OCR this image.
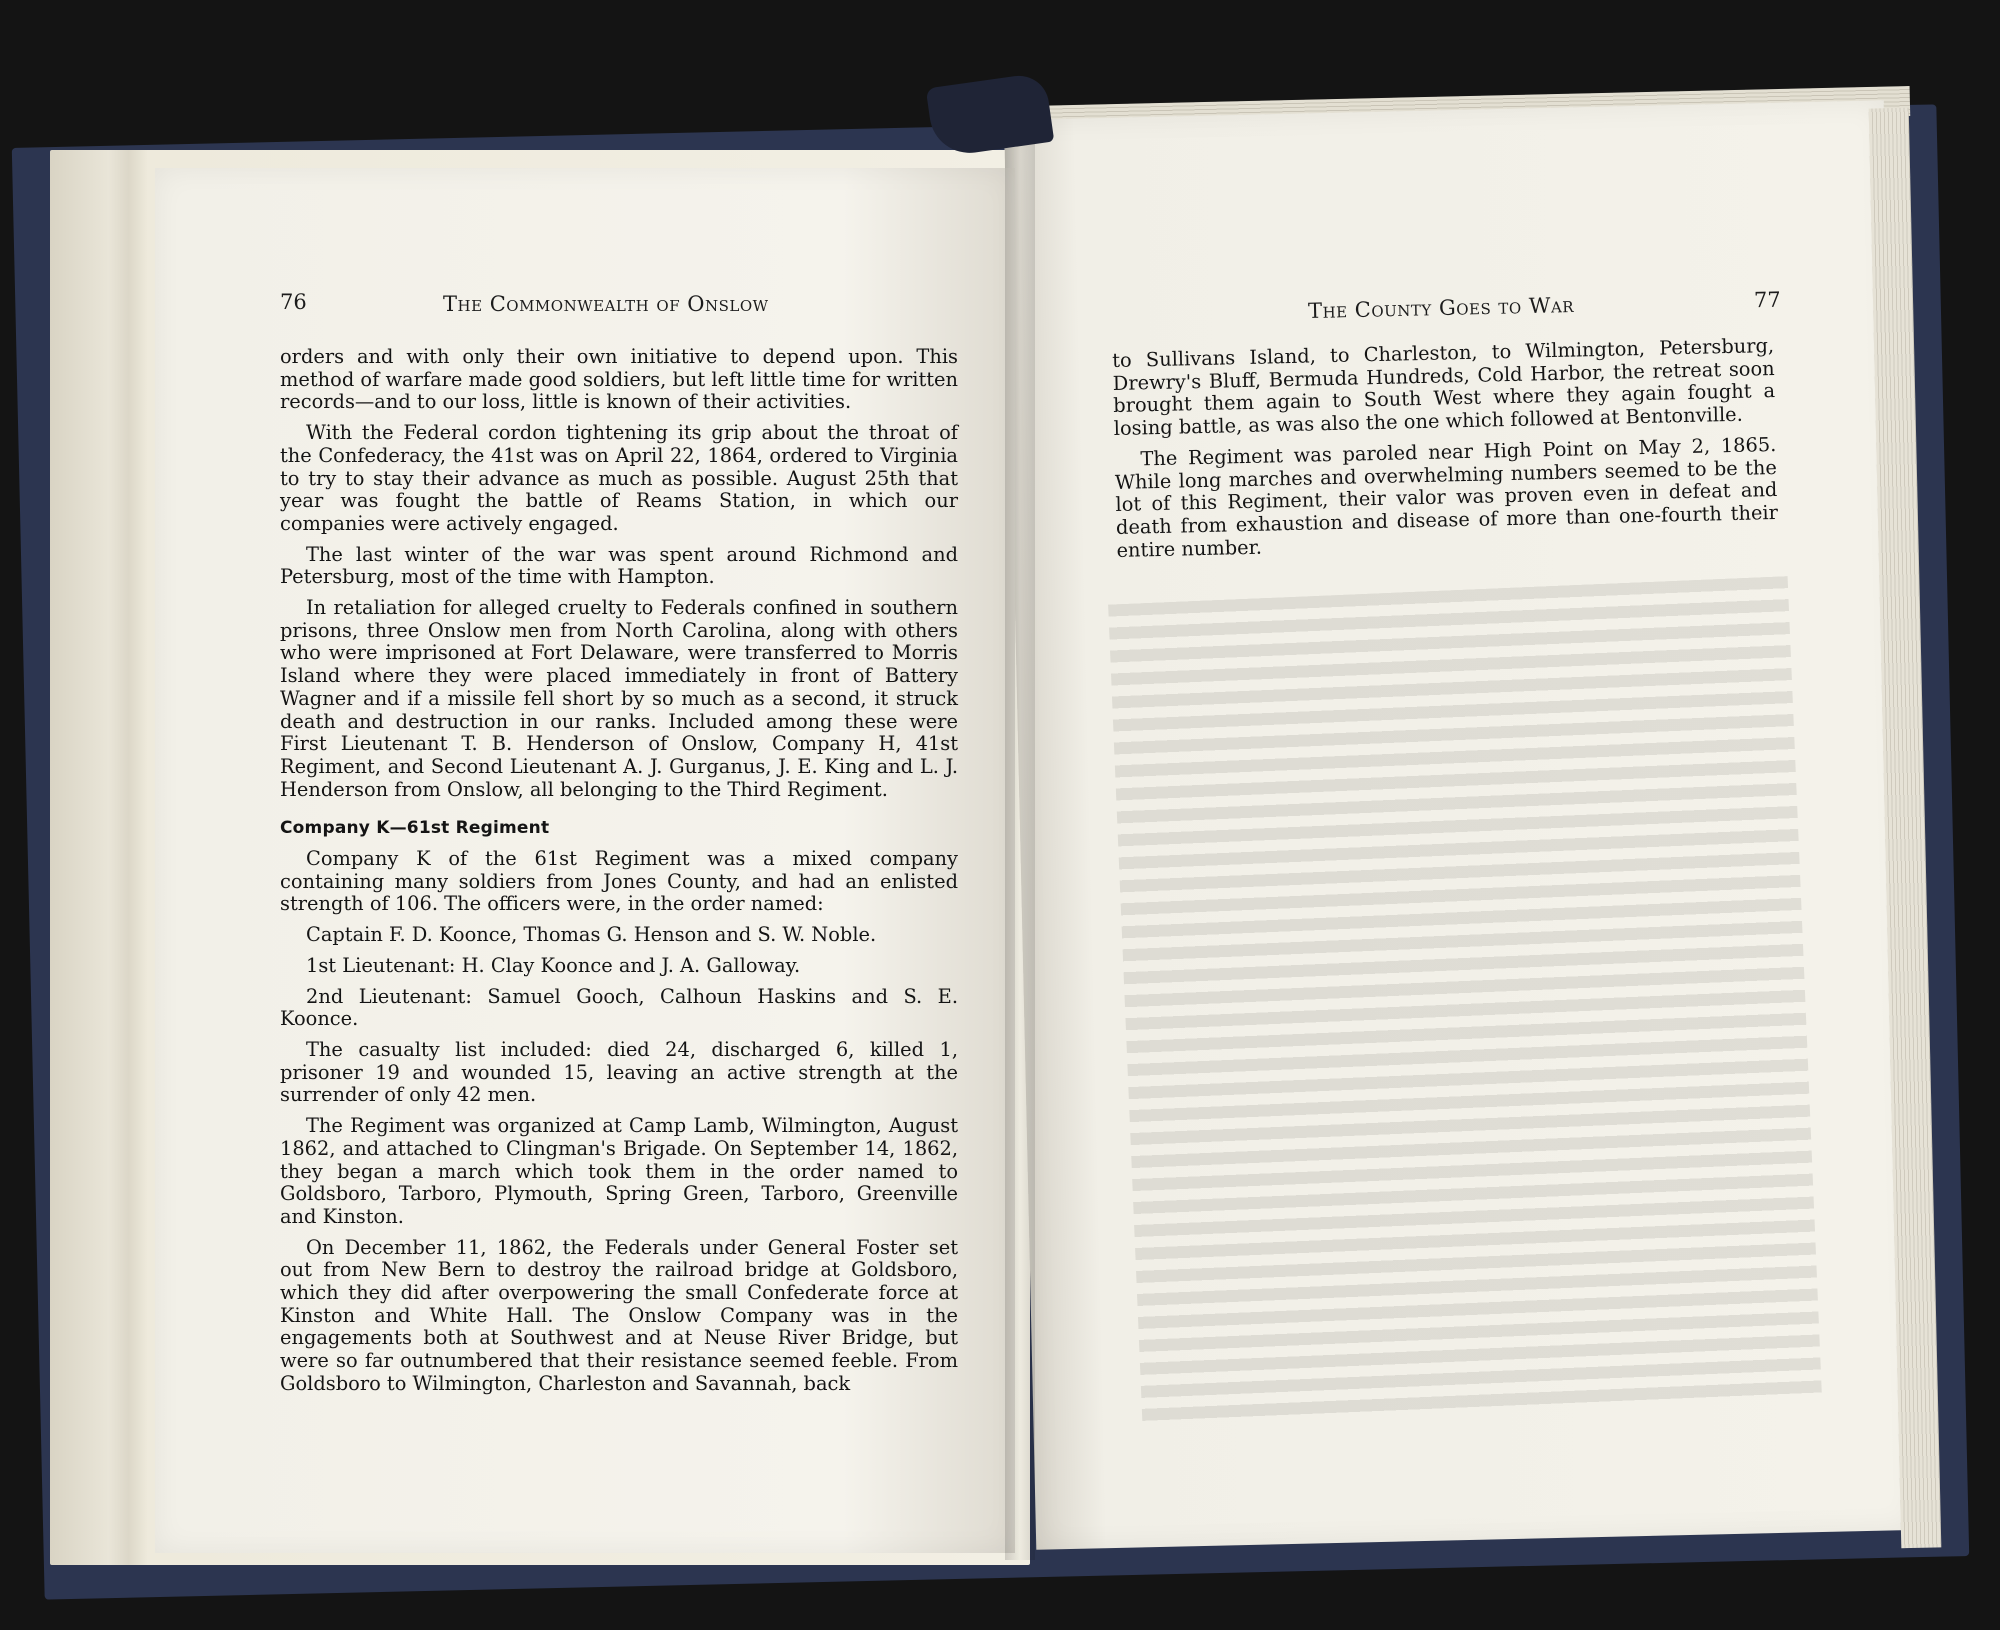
76	The Commonwealth of Onslow

orders and with only their own initiative to depend upon. This method of warfare made good soldiers, but left little time for written records—and to our loss, little is known of their activities.

With the Federal cordon tightening its grip about the throat of the Confederacy, the 41st was on April 22, 1864, ordered to Virginia to try to stay their advance as much as possible. August 25th that year was fought the battle of Reams Station, in which our companies were actively engaged.

The last winter of the war was spent around Richmond and Petersburg, most of the time with Hampton.

In retaliation for alleged cruelty to Federals confined in southern prisons, three Onslow men from North Carolina, along with others who were imprisoned at Fort Delaware, were transferred to Morris Island where they were placed immediately in front of Battery Wagner and if a missile fell short by so much as a second, it struck death and destruction in our ranks. Included among these were First Lieutenant T. B. Henderson of Onslow, Company H, 41st Regiment, and Second Lieutenant A. J. Gurganus, J. E. King and L. J. Henderson from Onslow, all belonging to the Third Regiment.

Company K—61st Regiment

Company K of the 61st Regiment was a mixed company containing many soldiers from Jones County, and had an enlisted strength of 106. The officers were, in the order named:

Captain F. D. Koonce, Thomas G. Henson and S. W. Noble.

1st Lieutenant: H. Clay Koonce and J. A. Galloway.

2nd Lieutenant: Samuel Gooch, Calhoun Haskins and S. E. Koonce.

The casualty list included: died 24, discharged 6, killed 1, prisoner 19 and wounded 15, leaving an active strength at the surrender of only 42 men.

The Regiment was organized at Camp Lamb, Wilmington, August 1862, and attached to Clingman's Brigade. On September 14, 1862, they began a march which took them in the order named to Goldsboro, Tarboro, Plymouth, Spring Green, Tarboro, Greenville and Kinston.

On December 11, 1862, the Federals under General Foster set out from New Bern to destroy the railroad bridge at Goldsboro, which they did after overpowering the small Confederate force at Kinston and White Hall. The Onslow Company was in the engagements both at Southwest and at Neuse River Bridge, but were so far outnumbered that their resistance seemed feeble. From Goldsboro to Wilmington, Charleston and Savannah, back

The County Goes to War	77

to Sullivans Island, to Charleston, to Wilmington, Petersburg, Drewry's Bluff, Bermuda Hundreds, Cold Harbor, the retreat soon brought them again to South West where they again fought a losing battle, as was also the one which followed at Bentonville.

The Regiment was paroled near High Point on May 2, 1865. While long marches and overwhelming numbers seemed to be the lot of this Regiment, their valor was proven even in defeat and death from exhaustion and disease of more than one-fourth their entire number.
